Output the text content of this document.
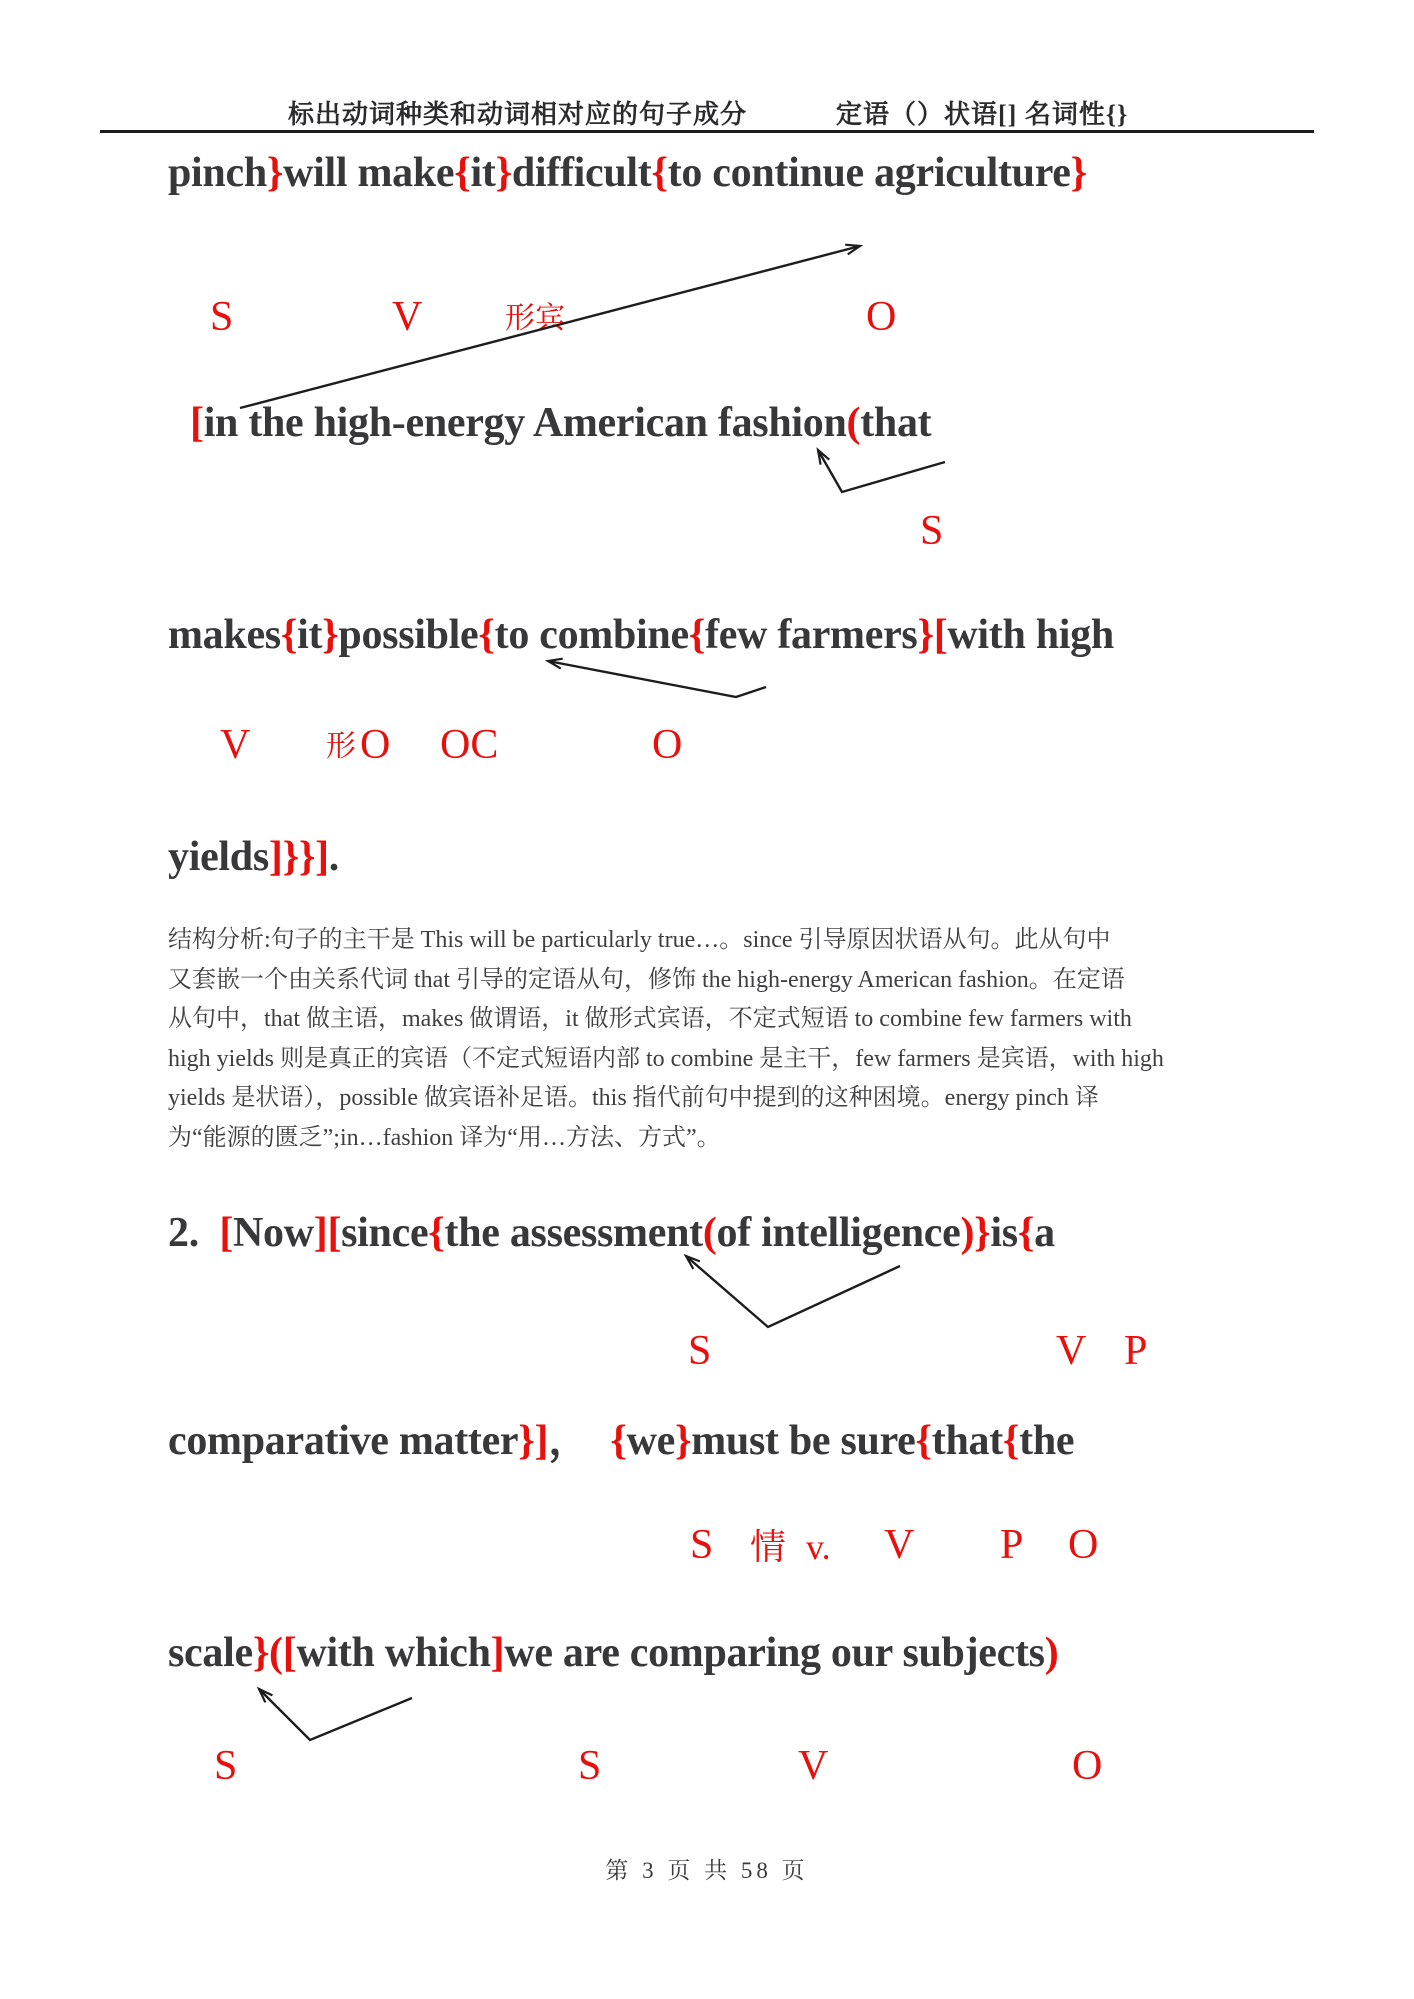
标出动词种类和动词相对应的句子成分	定语（）状语[] 名词性{}
pinch}will make{it}difficult{to continue agriculture}
S	V	形宾	O
[in the high-energy American fashion(that
S
makes{it}possible{to combine{few farmers}[with high
V	形 O OC	O
yields]}}].
结构分析:句子的主干是 This will be particularly true…。since 引导原因状语从句。此从句中
又套嵌一个由关系代词 that 引导的定语从句，修饰 the high-energy American fashion。在定语
从句中，that 做主语，makes 做谓语，it 做形式宾语，不定式短语 to combine few farmers with
high yields 则是真正的宾语（不定式短语内部 to combine 是主干，few farmers 是宾语，with high
yields 是状语），possible 做宾语补足语。this 指代前句中提到的这种困境。energy pinch 译
为“能源的匮乏”;in…fashion 译为“用…方法、方式”。
2.  [Now][since{the assessment(of intelligence)}is{a
S	V P
comparative matter}]，  {we}must be sure{that{the
S 情 v. V P O
scale}([with which]we are comparing our subjects)
S	S	V	O
第 3 页 共 58 页
